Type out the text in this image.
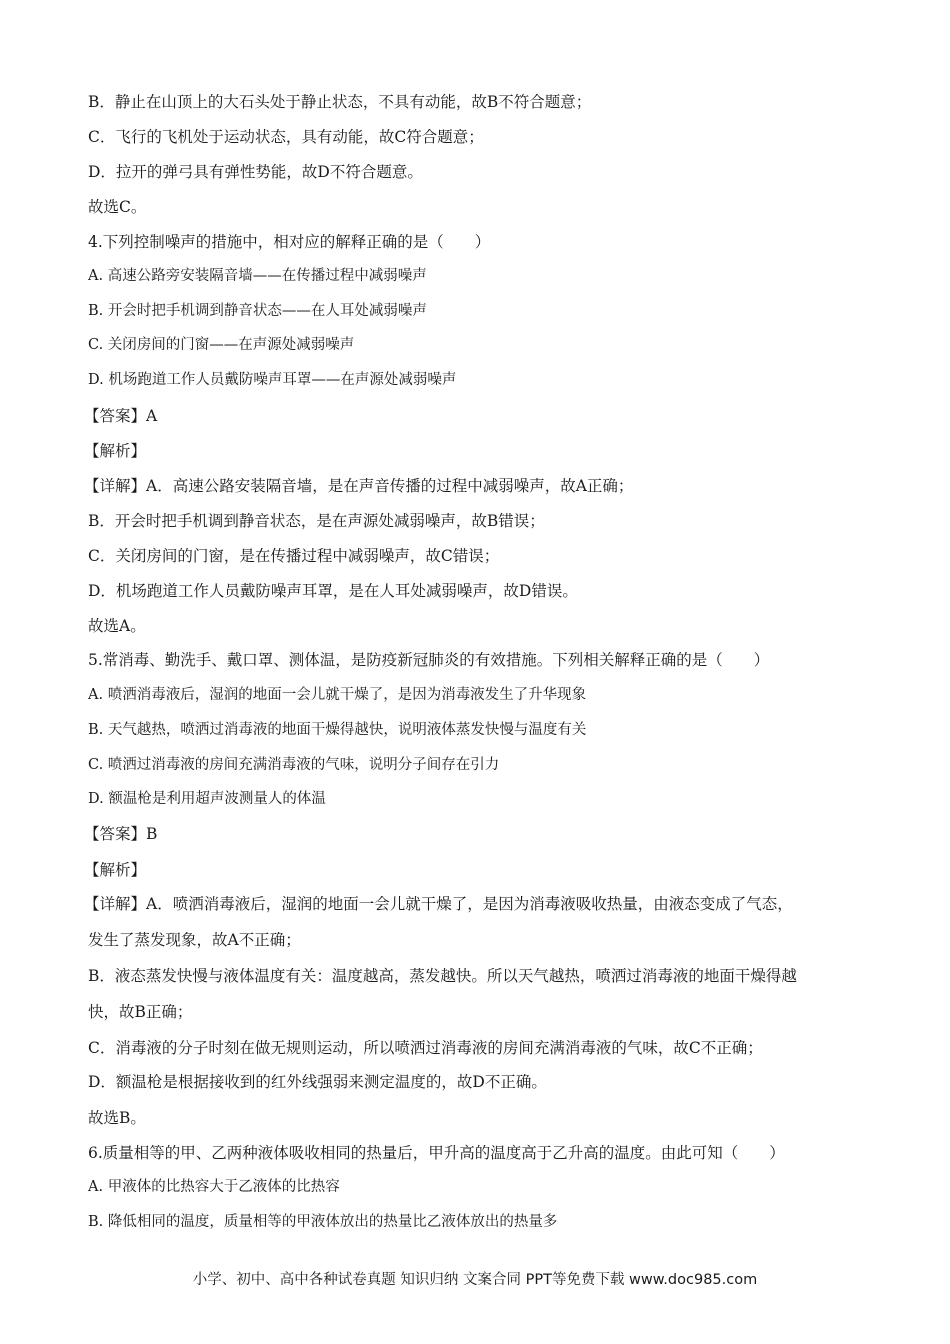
B．静止在山顶上的大石头处于静止状态，不具有动能，故B不符合题意；

C．飞行的飞机处于运动状态，具有动能，故C符合题意；

D．拉开的弹弓具有弹性势能，故D不符合题意。

故选C。

4.下列控制噪声的措施中，相对应的解释正确的是（　　）

A. 高速公路旁安装隔音墙——在传播过程中减弱噪声

B. 开会时把手机调到静音状态——在人耳处减弱噪声

C. 关闭房间的门窗——在声源处减弱噪声

D. 机场跑道工作人员戴防噪声耳罩——在声源处减弱噪声

【答案】A

【解析】

【详解】A．高速公路安装隔音墙，是在声音传播的过程中减弱噪声，故A正确；

B．开会时把手机调到静音状态，是在声源处减弱噪声，故B错误；

C．关闭房间的门窗，是在传播过程中减弱噪声，故C错误；

D．机场跑道工作人员戴防噪声耳罩，是在人耳处减弱噪声，故D错误。

故选A。

5.常消毒、勤洗手、戴口罩、测体温，是防疫新冠肺炎的有效措施。下列相关解释正确的是（　　）

A. 喷洒消毒液后，湿润的地面一会儿就干燥了，是因为消毒液发生了升华现象

B. 天气越热，喷洒过消毒液的地面干燥得越快，说明液体蒸发快慢与温度有关

C. 喷洒过消毒液的房间充满消毒液的气味，说明分子间存在引力

D. 额温枪是利用超声波测量人的体温

【答案】B

【解析】

【详解】A．喷洒消毒液后，湿润的地面一会儿就干燥了，是因为消毒液吸收热量，由液态变成了气态，

发生了蒸发现象，故A不正确；

B．液态蒸发快慢与液体温度有关：温度越高，蒸发越快。所以天气越热，喷洒过消毒液的地面干燥得越

快，故B正确；

C．消毒液的分子时刻在做无规则运动，所以喷洒过消毒液的房间充满消毒液的气味，故C不正确；

D．额温枪是根据接收到的红外线强弱来测定温度的，故D不正确。

故选B。

6.质量相等的甲、乙两种液体吸收相同的热量后，甲升高的温度高于乙升高的温度。由此可知（　　）

A. 甲液体的比热容大于乙液体的比热容

B. 降低相同的温度，质量相等的甲液体放出的热量比乙液体放出的热量多

小学、初中、高中各种试卷真题 知识归纳 文案合同 PPT等免费下载 www.doc985.com
